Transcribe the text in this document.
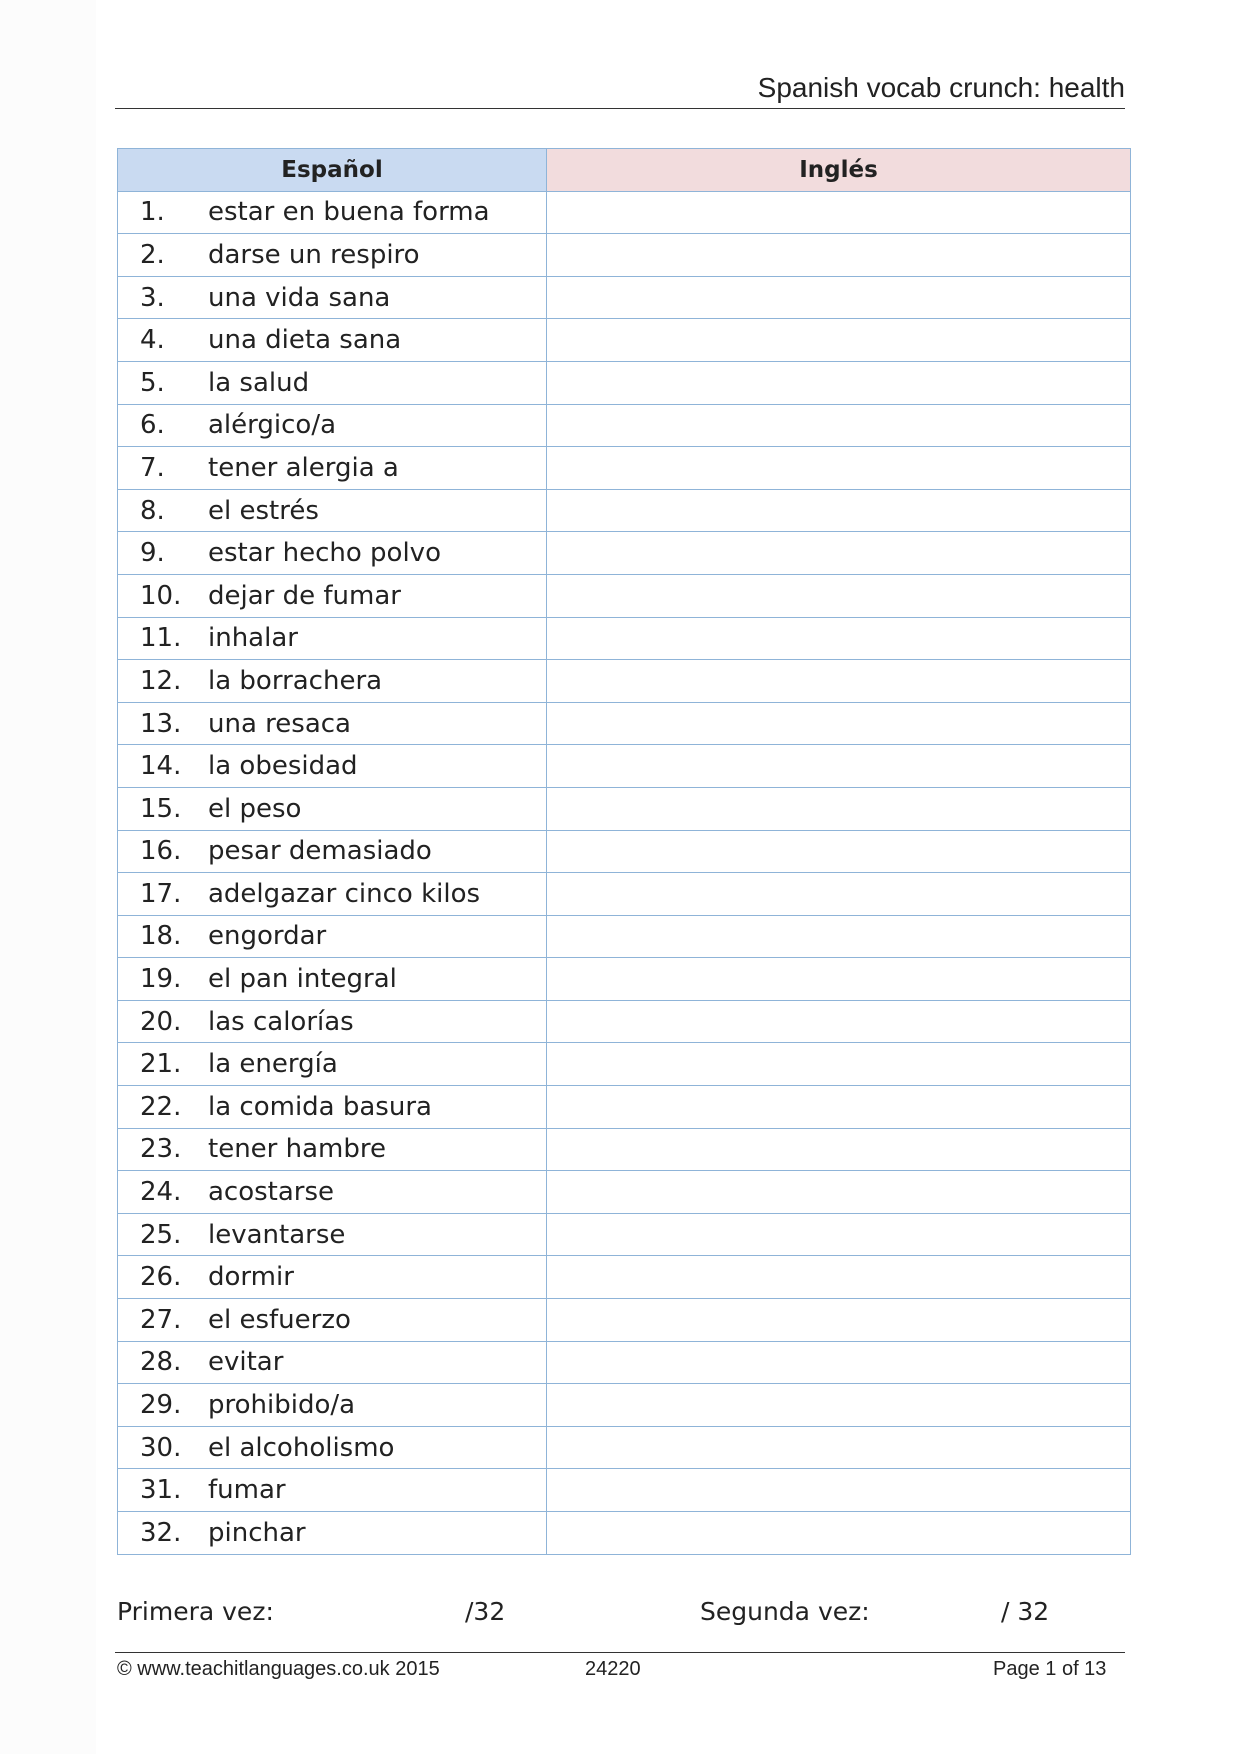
Spanish vocab crunch: health
Español	Inglés
1. estar en buena forma	
2. darse un respiro	
3. una vida sana	
4. una dieta sana	
5. la salud	
6. alérgico/a	
7. tener alergia a	
8. el estrés	
9. estar hecho polvo	
10. dejar de fumar	
11. inhalar	
12. la borrachera	
13. una resaca	
14. la obesidad	
15. el peso	
16. pesar demasiado	
17. adelgazar cinco kilos	
18. engordar	
19. el pan integral	
20. las calorías	
21. la energía	
22. la comida basura	
23. tener hambre	
24. acostarse	
25. levantarse	
26. dormir	
27. el esfuerzo	
28. evitar	
29. prohibido/a	
30. el alcoholismo	
31. fumar	
32. pinchar	
Primera vez:	/32	Segunda vez:	/ 32
© www.teachitlanguages.co.uk 2015	24220	Page 1 of 13
